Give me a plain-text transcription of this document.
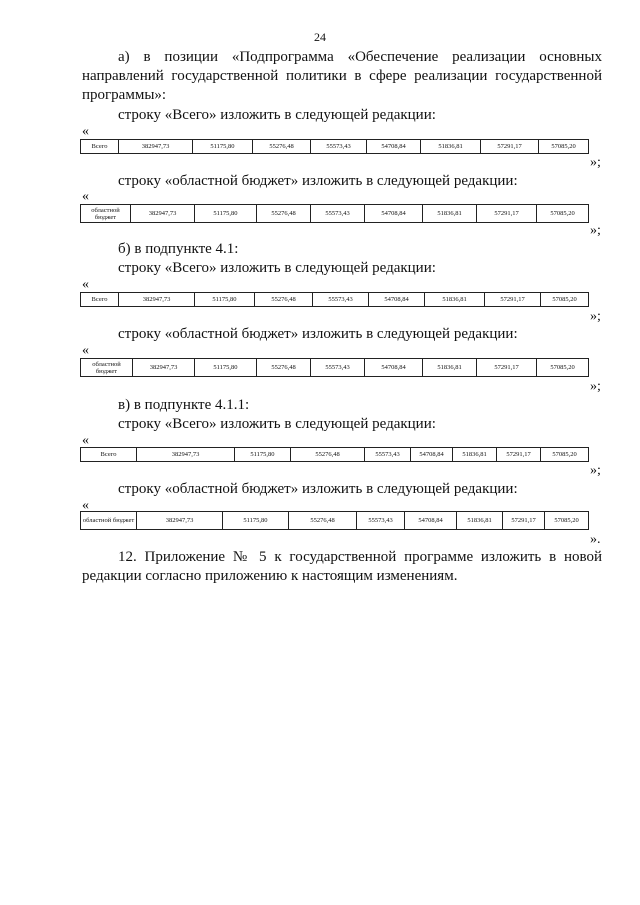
24
а) в позиции «Подпрограмма «Обеспечение реализации основных
направлений государственной политики в сфере реализации государственной
программы»:
строку «Всего» изложить в следующей редакции:
«
Всего	382947,73	51175,80	55276,48	55573,43	54708,84	51836,81	57291,17	57085,20
»;
строку «областной бюджет» изложить в следующей редакции:
«
областной бюджет	382947,73	51175,80	55276,48	55573,43	54708,84	51836,81	57291,17	57085,20
»;
б) в подпункте 4.1:
строку «Всего» изложить в следующей редакции:
«
Всего	382947,73	51175,80	55276,48	55573,43	54708,84	51836,81	57291,17	57085,20
»;
строку «областной бюджет» изложить в следующей редакции:
«
областной бюджет	382947,73	51175,80	55276,48	55573,43	54708,84	51836,81	57291,17	57085,20
»;
в) в подпункте 4.1.1:
строку «Всего» изложить в следующей редакции:
«
Всего	382947,73	51175,80	55276,48	55573,43	54708,84	51836,81	57291,17	57085,20
»;
строку «областной бюджет» изложить в следующей редакции:
«
областной бюджет	382947,73	51175,80	55276,48	55573,43	54708,84	51836,81	57291,17	57085,20
».
12. Приложение № 5 к государственной программе изложить в новой
редакции согласно приложению к настоящим изменениям.
